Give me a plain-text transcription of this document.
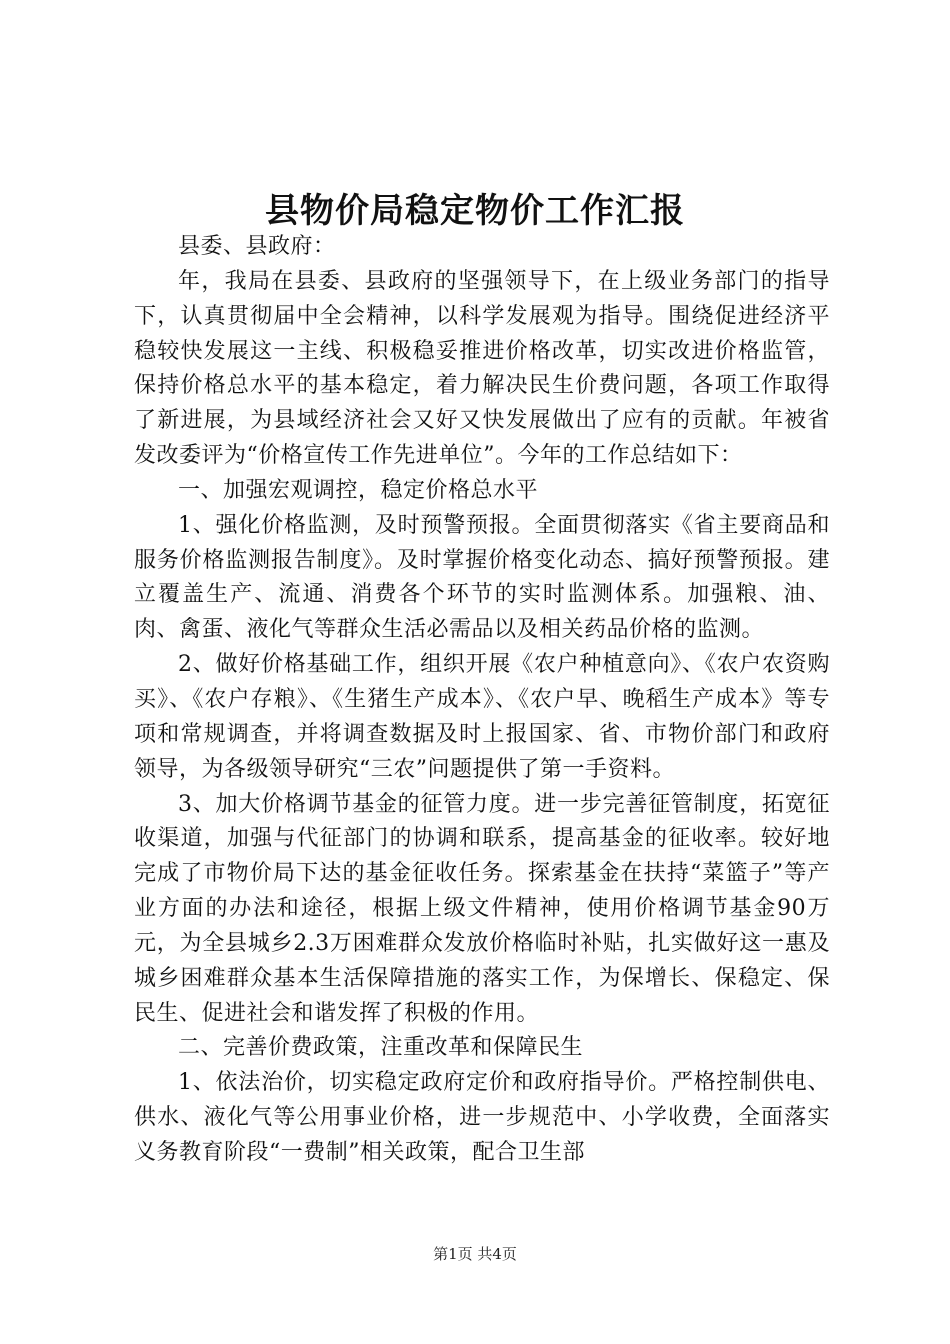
县物价局稳定物价工作汇报

县委、县政府：

年，我局在县委、县政府的坚强领导下，在上级业务部门的指导下，认真贯彻届中全会精神，以科学发展观为指导。围绕促进经济平稳较快发展这一主线、积极稳妥推进价格改革，切实改进价格监管，保持价格总水平的基本稳定，着力解决民生价费问题，各项工作取得了新进展，为县域经济社会又好又快发展做出了应有的贡献。年被省发改委评为“价格宣传工作先进单位”。今年的工作总结如下：

一、加强宏观调控，稳定价格总水平

1、强化价格监测，及时预警预报。全面贯彻落实《省主要商品和服务价格监测报告制度》。及时掌握价格变化动态、搞好预警预报。建立覆盖生产、流通、消费各个环节的实时监测体系。加强粮、油、肉、禽蛋、液化气等群众生活必需品以及相关药品价格的监测。

2、做好价格基础工作，组织开展《农户种植意向》、《农户农资购买》、《农户存粮》、《生猪生产成本》、《农户早、晚稻生产成本》等专项和常规调查，并将调查数据及时上报国家、省、市物价部门和政府领导，为各级领导研究“三农”问题提供了第一手资料。

3、加大价格调节基金的征管力度。进一步完善征管制度，拓宽征收渠道，加强与代征部门的协调和联系，提高基金的征收率。较好地完成了市物价局下达的基金征收任务。探索基金在扶持“菜篮子”等产业方面的办法和途径，根据上级文件精神，使用价格调节基金90万元，为全县城乡2.3万困难群众发放价格临时补贴，扎实做好这一惠及城乡困难群众基本生活保障措施的落实工作，为保增长、保稳定、保民生、促进社会和谐发挥了积极的作用。

二、完善价费政策，注重改革和保障民生

1、依法治价，切实稳定政府定价和政府指导价。严格控制供电、供水、液化气等公用事业价格，进一步规范中、小学收费，全面落实义务教育阶段“一费制”相关政策，配合卫生部

第1页 共4页
